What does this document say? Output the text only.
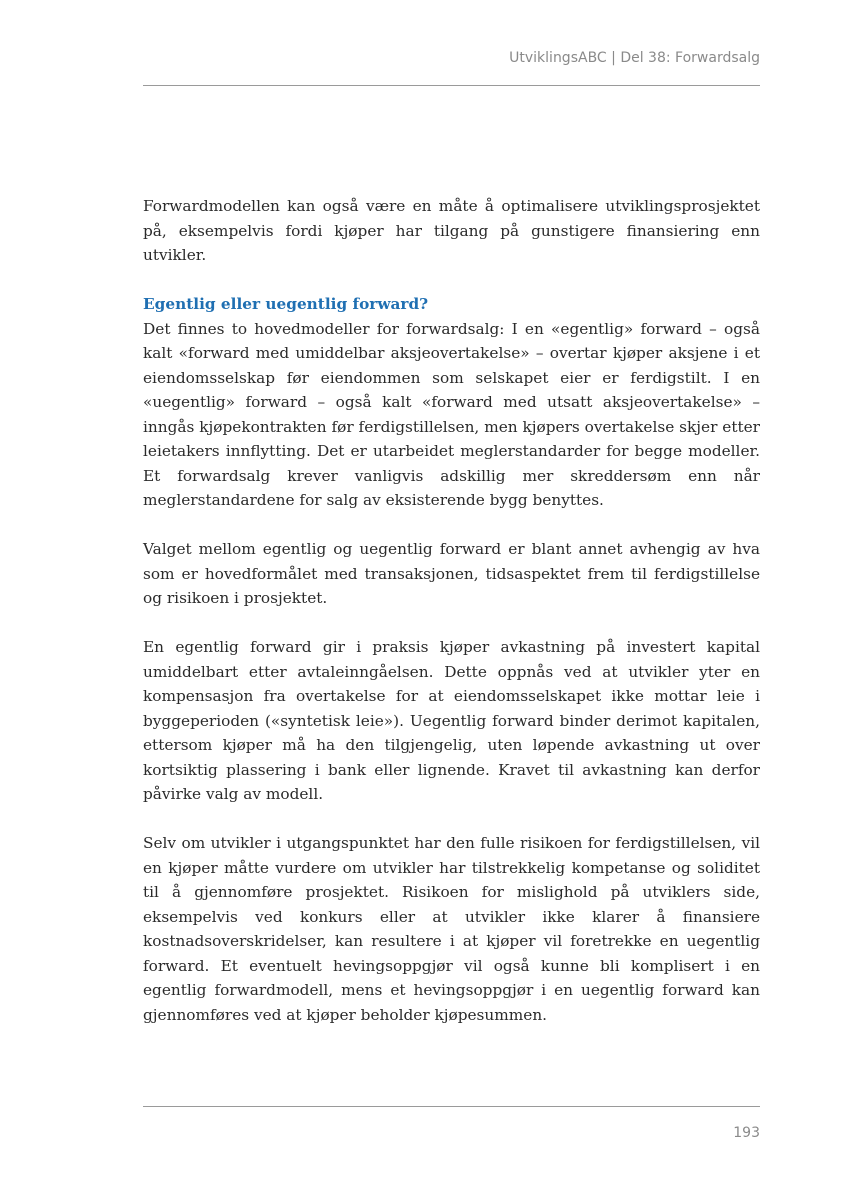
UtviklingsABC | Del 38: Forwardsalg

Forwardmodellen kan også være en måte å optimalisere utviklingsprosjektet på, eksempelvis fordi kjøper har tilgang på gunstigere finansiering enn utvikler.

Egentlig eller uegentlig forward?

Det finnes to hovedmodeller for forwardsalg: I en «egentlig» forward – også kalt «forward med umiddelbar aksjeovertakelse» – overtar kjøper aksjene i et eiendomsselskap før eiendommen som selskapet eier er ferdigstilt. I en «uegentlig» forward – også kalt «forward med utsatt aksjeovertakelse» – inngås kjøpekontrakten før ferdigstillelsen, men kjøpers overtakelse skjer etter leietakers innflytting. Det er utarbeidet meglerstandarder for begge modeller. Et forwardsalg krever vanligvis adskillig mer skreddersøm enn når meglerstandardene for salg av eksisterende bygg benyttes.

Valget mellom egentlig og uegentlig forward er blant annet avhengig av hva som er hovedformålet med transaksjonen, tidsaspektet frem til ferdigstillelse og risikoen i prosjektet.

En egentlig forward gir i praksis kjøper avkastning på investert kapital umiddelbart etter avtaleinngåelsen. Dette oppnås ved at utvikler yter en kompensasjon fra overtakelse for at eiendomsselskapet ikke mottar leie i byggeperioden («syntetisk leie»). Uegentlig forward binder derimot kapitalen, ettersom kjøper må ha den tilgjengelig, uten løpende avkastning ut over kortsiktig plassering i bank eller lignende. Kravet til avkastning kan derfor påvirke valg av modell.

Selv om utvikler i utgangspunktet har den fulle risikoen for ferdigstillelsen, vil en kjøper måtte vurdere om utvikler har tilstrekkelig kompetanse og soliditet til å gjennomføre prosjektet. Risikoen for mislighold på utviklers side, eksempelvis ved konkurs eller at utvikler ikke klarer å finansiere kostnadsoverskridelser, kan resultere i at kjøper vil foretrekke en uegentlig forward. Et eventuelt hevingsoppgjør vil også kunne bli komplisert i en egentlig forwardmodell, mens et hevingsoppgjør i en uegentlig forward kan gjennomføres ved at kjøper beholder kjøpesummen.

193
